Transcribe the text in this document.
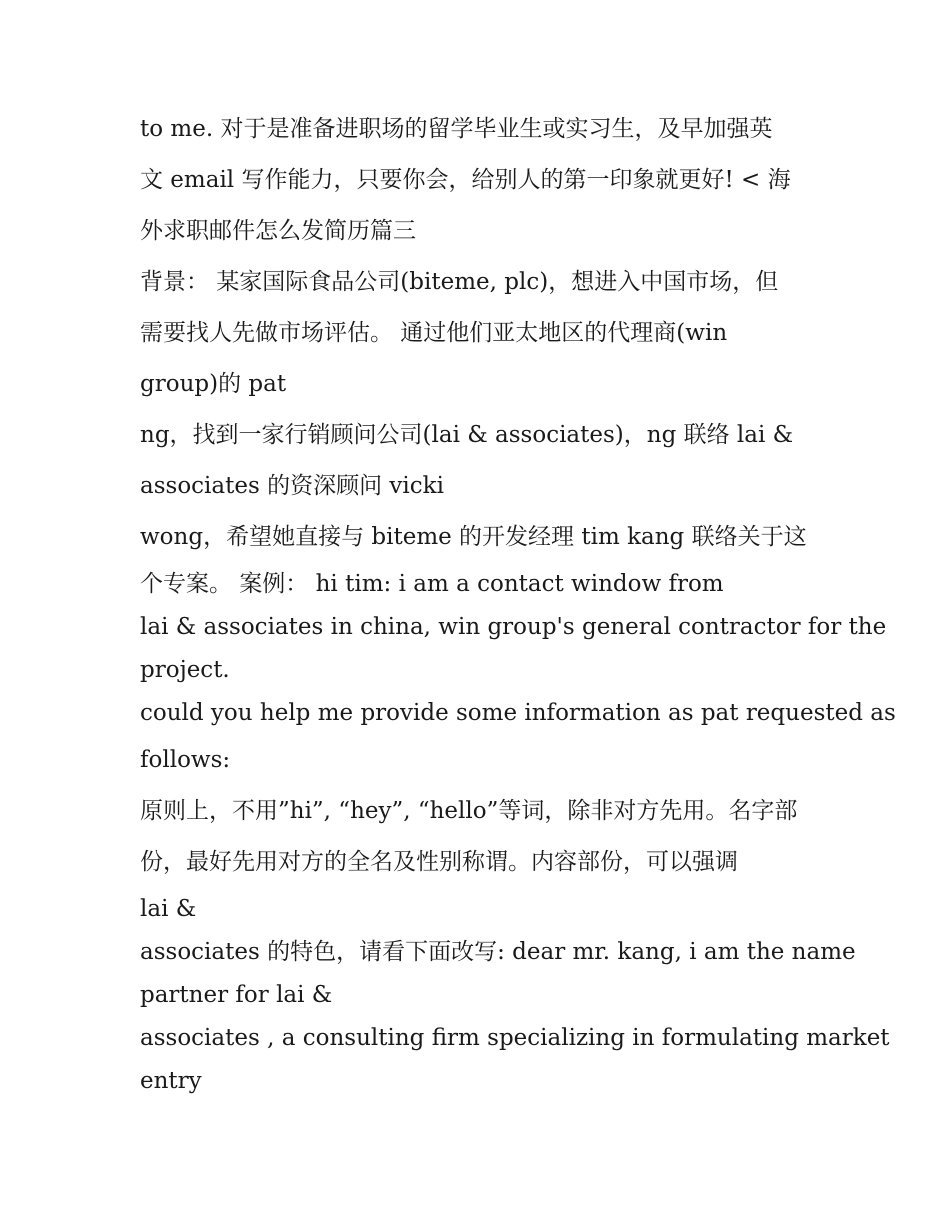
to me. 对于是准备进职场的留学毕业生或实习生，及早加强英
文 email 写作能力，只要你会，给别人的第一印象就更好! < 海
外求职邮件怎么发简历篇三
背景： 某家国际食品公司(biteme, plc)，想进入中国市场，但
需要找人先做市场评估。 通过他们亚太地区的代理商(win
group)的 pat
ng，找到一家行销顾问公司(lai & associates)，ng 联络 lai &
associates 的资深顾问 vicki
wong，希望她直接与 biteme 的开发经理 tim kang 联络关于这
个专案。 案例： hi tim: i am a contact window from
lai & associates in china, win group's general contractor for the
project.
could you help me provide some information as pat requested as
follows:
原则上，不用”hi”, “hey”, “hello”等词，除非对方先用。名字部
份，最好先用对方的全名及性别称谓。内容部份，可以强调
lai &
associates 的特色，请看下面改写: dear mr. kang, i am the name
partner for lai &
associates , a consulting firm specializing in formulating market
entry
